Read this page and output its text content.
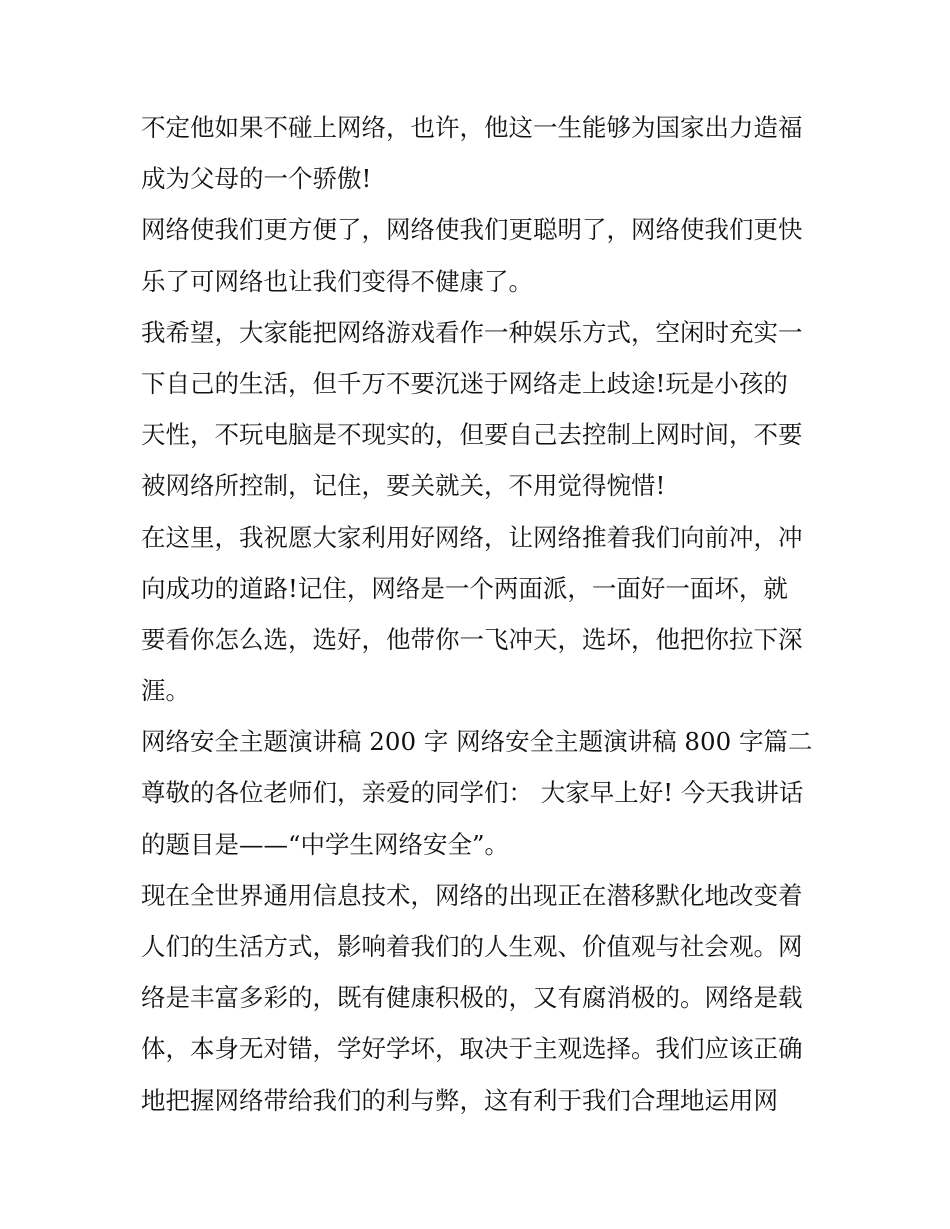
不定他如果不碰上网络，也许，他这一生能够为国家出力造福
成为父母的一个骄傲!
网络使我们更方便了，网络使我们更聪明了，网络使我们更快
乐了可网络也让我们变得不健康了。
我希望，大家能把网络游戏看作一种娱乐方式，空闲时充实一
下自己的生活，但千万不要沉迷于网络走上歧途!玩是小孩的
天性，不玩电脑是不现实的，但要自己去控制上网时间，不要
被网络所控制，记住，要关就关，不用觉得惋惜!
在这里，我祝愿大家利用好网络，让网络推着我们向前冲，冲
向成功的道路!记住，网络是一个两面派，一面好一面坏，就
要看你怎么选，选好，他带你一飞冲天，选坏，他把你拉下深
涯。
网络安全主题演讲稿 200 字 网络安全主题演讲稿 800 字篇二
尊敬的各位老师们，亲爱的同学们： 大家早上好! 今天我讲话
的题目是——“中学生网络安全”。
现在全世界通用信息技术，网络的出现正在潜移默化地改变着
人们的生活方式，影响着我们的人生观、价值观与社会观。网
络是丰富多彩的，既有健康积极的，又有腐消极的。网络是载
体，本身无对错，学好学坏，取决于主观选择。我们应该正确
地把握网络带给我们的利与弊，这有利于我们合理地运用网
